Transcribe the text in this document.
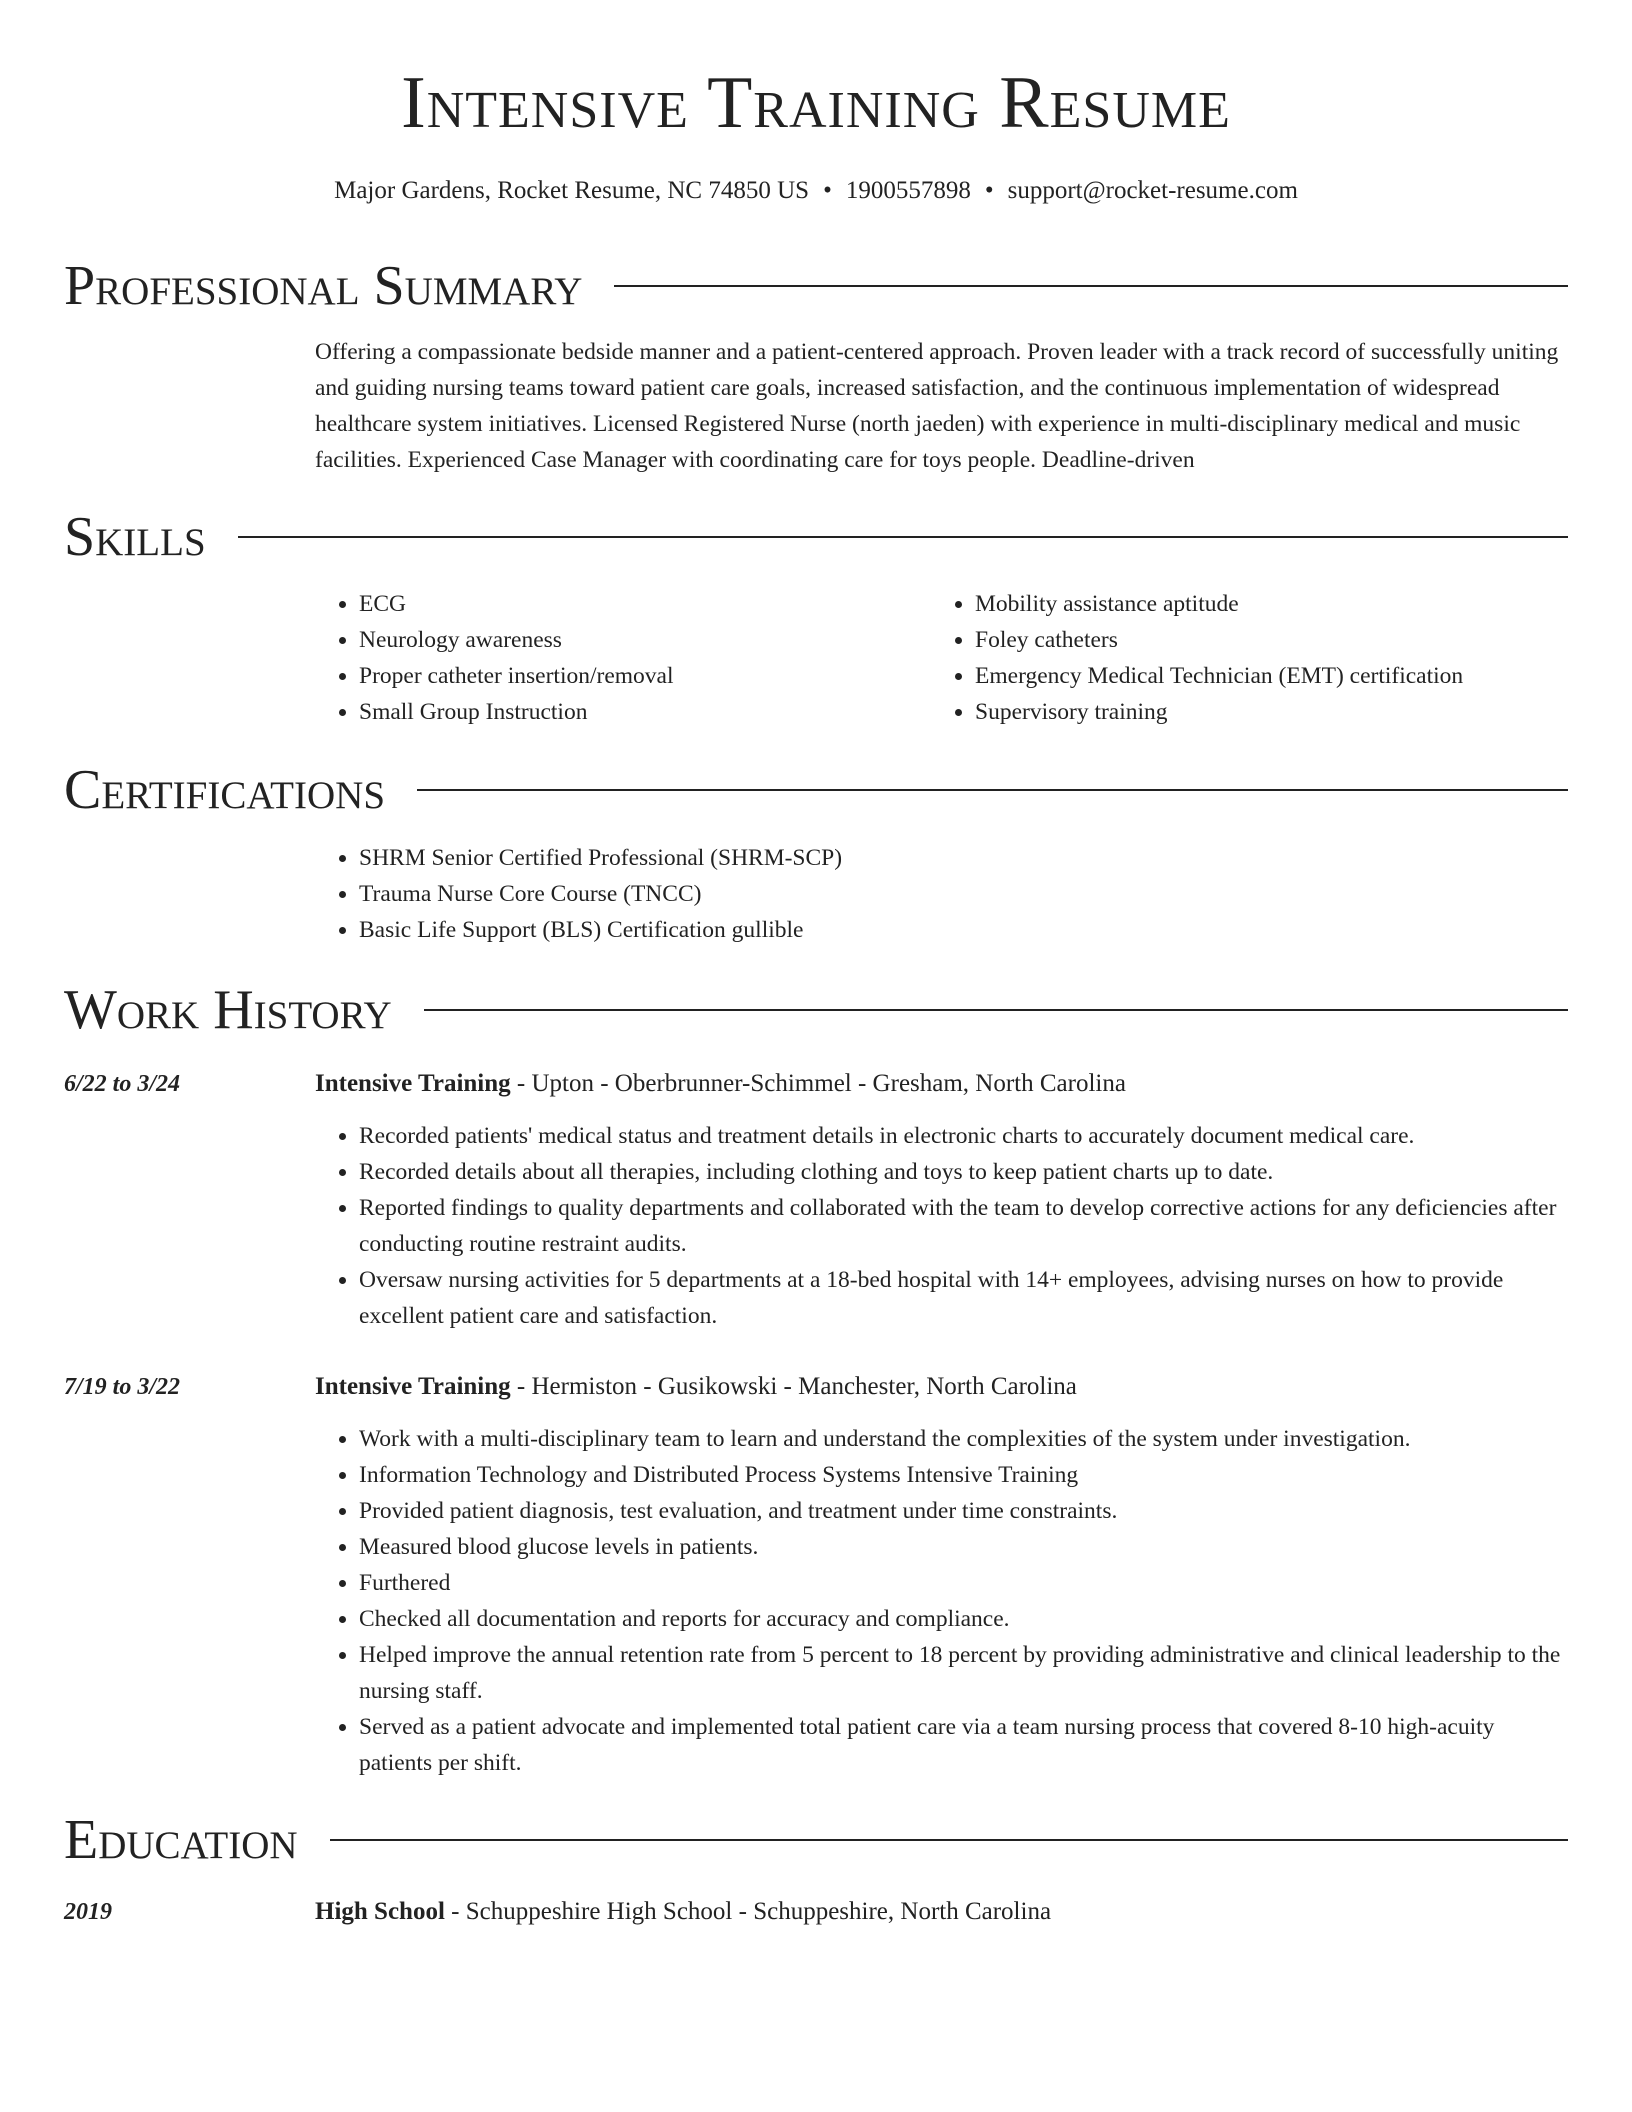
Intensive Training Resume
Major Gardens, Rocket Resume, NC 74850 US • 1900557898 • support@rocket-resume.com
Professional Summary

Offering a compassionate bedside manner and a patient-centered approach. Proven leader with a track record of successfully uniting and guiding nursing teams toward patient care goals, increased satisfaction, and the continuous implementation of widespread healthcare system initiatives. Licensed Registered Nurse (north jaeden) with experience in multi-disciplinary medical and music facilities. Experienced Case Manager with coordinating care for toys people. Deadline-driven

Skills
• ECG
• Neurology awareness
• Proper catheter insertion/removal
• Small Group Instruction
• Mobility assistance aptitude
• Foley catheters
• Emergency Medical Technician (EMT) certification
• Supervisory training
Certifications
• SHRM Senior Certified Professional (SHRM-SCP)
• Trauma Nurse Core Course (TNCC)
• Basic Life Support (BLS) Certification gullible
Work History
6/22 to 3/24	Intensive Training - Upton - Oberbrunner-Schimmel - Gresham, North Carolina
• Recorded patients' medical status and treatment details in electronic charts to accurately document medical care.
• Recorded details about all therapies, including clothing and toys to keep patient charts up to date.
• Reported findings to quality departments and collaborated with the team to develop corrective actions for any deficiencies after conducting routine restraint audits.
• Oversaw nursing activities for 5 departments at a 18-bed hospital with 14+ employees, advising nurses on how to provide excellent patient care and satisfaction.
7/19 to 3/22	Intensive Training - Hermiston - Gusikowski - Manchester, North Carolina
• Work with a multi-disciplinary team to learn and understand the complexities of the system under investigation.
• Information Technology and Distributed Process Systems Intensive Training
• Provided patient diagnosis, test evaluation, and treatment under time constraints.
• Measured blood glucose levels in patients.
• Furthered
• Checked all documentation and reports for accuracy and compliance.
• Helped improve the annual retention rate from 5 percent to 18 percent by providing administrative and clinical leadership to the nursing staff.
• Served as a patient advocate and implemented total patient care via a team nursing process that covered 8-10 high-acuity patients per shift.
Education
2019	High School - Schuppeshire High School - Schuppeshire, North Carolina
